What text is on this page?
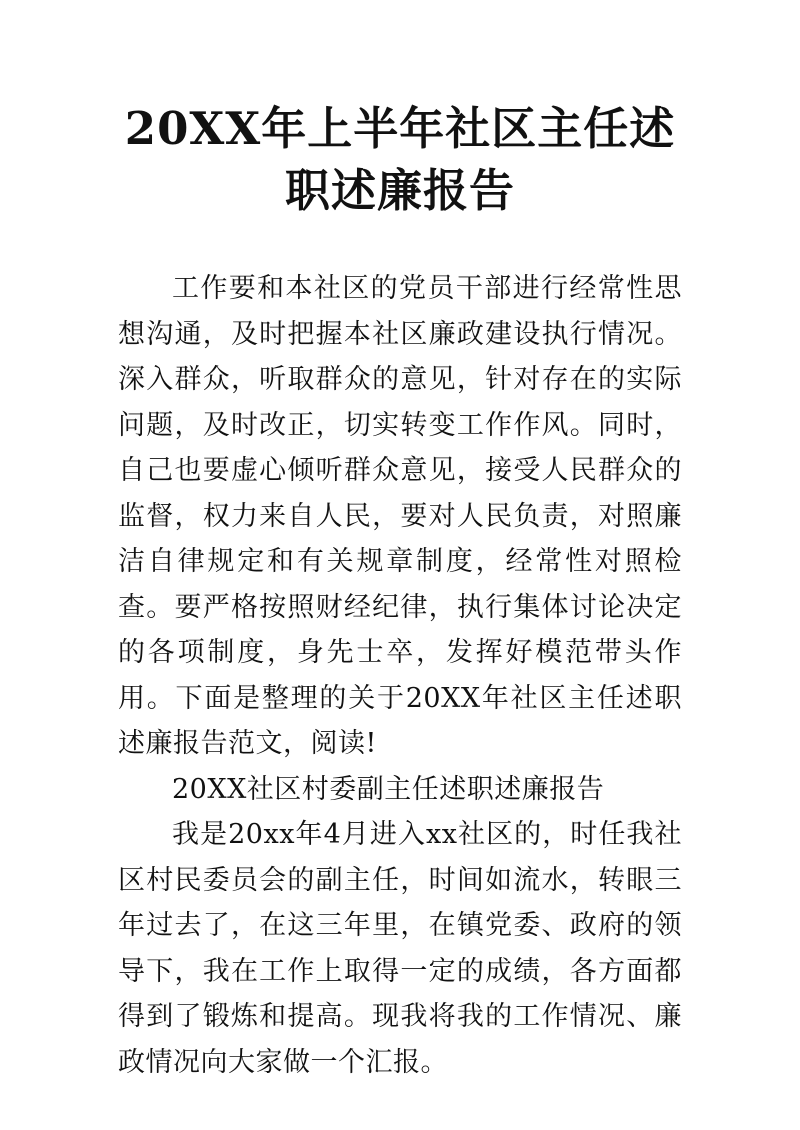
20XX年上半年社区主任述
职述廉报告

工作要和本社区的党员干部进行经常性思想沟通，及时把握本社区廉政建设执行情况。深入群众，听取群众的意见，针对存在的实际问题，及时改正，切实转变工作作风。同时，自己也要虚心倾听群众意见，接受人民群众的监督，权力来自人民，要对人民负责，对照廉洁自律规定和有关规章制度，经常性对照检查。要严格按照财经纪律，执行集体讨论决定的各项制度，身先士卒，发挥好模范带头作用。下面是整理的关于20XX年社区主任述职述廉报告范文，阅读!

20XX社区村委副主任述职述廉报告

我是20xx年4月进入xx社区的，时任我社区村民委员会的副主任，时间如流水，转眼三年过去了，在这三年里，在镇党委、政府的领导下，我在工作上取得一定的成绩，各方面都得到了锻炼和提高。现我将我的工作情况、廉政情况向大家做一个汇报。
